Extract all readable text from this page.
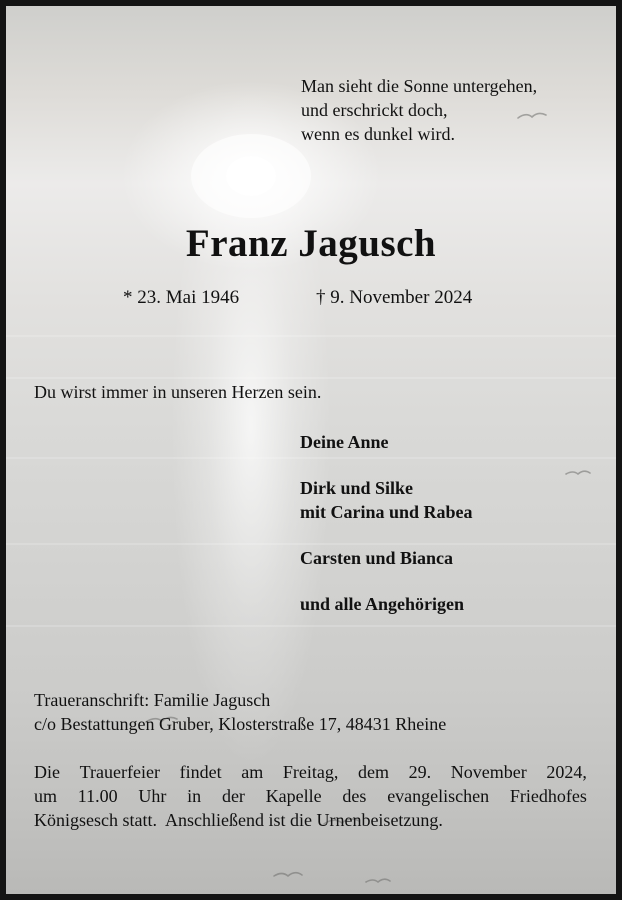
Man sieht die Sonne untergehen,
und erschrickt doch,
wenn es dunkel wird.
Franz Jagusch
* 23. Mai 1946	† 9. November 2024
Du wirst immer in unseren Herzen sein.
Deine Anne
Dirk und Silke
mit Carina und Rabea
Carsten und Bianca
und alle Angehörigen
Traueranschrift: Familie Jagusch
c/o Bestattungen Gruber, Klosterstraße 17, 48431 Rheine
Die Trauerfeier findet am Freitag, dem 29. November 2024,
um 11.00 Uhr in der Kapelle des evangelischen Friedhofes
Königsesch statt.  Anschließend ist die Urnenbeisetzung.
